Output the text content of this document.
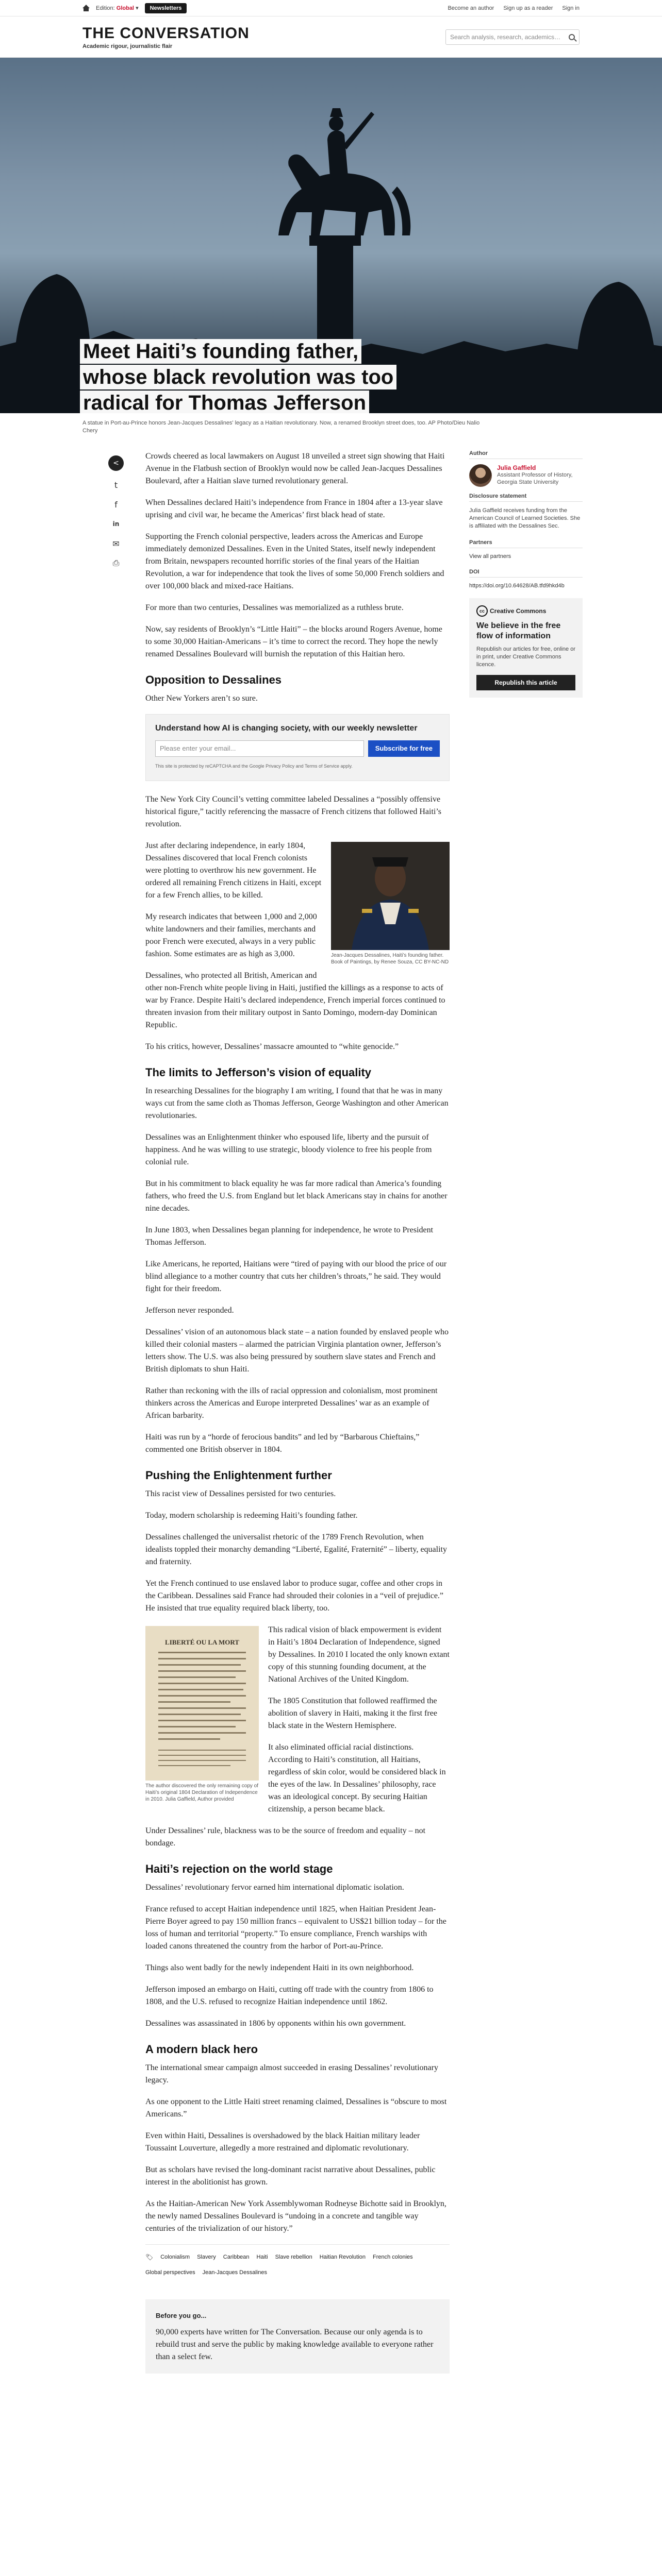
Edition: Global ▾	Newsletters	Become an author Sign up as a reader Sign in
THE CONVERSATION
Academic rigour, journalistic flair
Search analysis, research, academics…
Meet Haiti’s founding father, whose black revolution was too radical for Thomas Jefferson
A statue in Port-au-Prince honors Jean-Jacques Dessalines' legacy as a Haitian revolutionary. Now, a renamed Brooklyn street does, too. AP Photo/Dieu Nalio Chery
<
t
f
in
✉
⎙

Crowds cheered as local lawmakers on August 18 unveiled a street sign showing that Haiti Avenue in the Flatbush section of Brooklyn would now be called Jean-Jacques Dessalines Boulevard, after a Haitian slave turned revolutionary general.

When Dessalines declared Haiti’s independence from France in 1804 after a 13-year slave uprising and civil war, he became the Americas’ first black head of state.

Supporting the French colonial perspective, leaders across the Americas and Europe immediately demonized Dessalines. Even in the United States, itself newly independent from Britain, newspapers recounted horrific stories of the final years of the Haitian Revolution, a war for independence that took the lives of some 50,000 French soldiers and over 100,000 black and mixed-race Haitians.

For more than two centuries, Dessalines was memorialized as a ruthless brute.

Now, say residents of Brooklyn’s “Little Haiti” – the blocks around Rogers Avenue, home to some 30,000 Haitian-Americans – it’s time to correct the record. They hope the newly renamed Dessalines Boulevard will burnish the reputation of this Haitian hero.

Opposition to Dessalines

Other New Yorkers aren’t so sure.

Understand how AI is changing society, with our weekly newsletter
Please enter your email...	Subscribe for free
This site is protected by reCAPTCHA and the Google Privacy Policy and Terms of Service apply.

The New York City Council’s vetting committee labeled Dessalines a “possibly offensive historical figure,” tacitly referencing the massacre of French citizens that followed Haiti’s revolution.

Jean-Jacques Dessalines, Haiti’s founding father. Book of Paintings, by Renee Souza, CC BY-NC-ND

Just after declaring independence, in early 1804, Dessalines discovered that local French colonists were plotting to overthrow his new government. He ordered all remaining French citizens in Haiti, except for a few French allies, to be killed.

My research indicates that between 1,000 and 2,000 white landowners and their families, merchants and poor French were executed, always in a very public fashion. Some estimates are as high as 3,000.

Dessalines, who protected all British, American and other non-French white people living in Haiti, justified the killings as a response to acts of war by France. Despite Haiti’s declared independence, French imperial forces continued to threaten invasion from their military outpost in Santo Domingo, modern-day Dominican Republic.

To his critics, however, Dessalines’ massacre amounted to “white genocide.”

The limits to Jefferson’s vision of equality

In researching Dessalines for the biography I am writing, I found that that he was in many ways cut from the same cloth as Thomas Jefferson, George Washington and other American revolutionaries.

Dessalines was an Enlightenment thinker who espoused life, liberty and the pursuit of happiness. And he was willing to use strategic, bloody violence to free his people from colonial rule.

But in his commitment to black equality he was far more radical than America’s founding fathers, who freed the U.S. from England but let black Americans stay in chains for another nine decades.

In June 1803, when Dessalines began planning for independence, he wrote to President Thomas Jefferson.

Like Americans, he reported, Haitians were “tired of paying with our blood the price of our blind allegiance to a mother country that cuts her children’s throats,” he said. They would fight for their freedom.

Jefferson never responded.

Dessalines’ vision of an autonomous black state – a nation founded by enslaved people who killed their colonial masters – alarmed the patrician Virginia plantation owner, Jefferson’s letters show. The U.S. was also being pressured by southern slave states and French and British diplomats to shun Haiti.

Rather than reckoning with the ills of racial oppression and colonialism, most prominent thinkers across the Americas and Europe interpreted Dessalines’ war as an example of African barbarity.

Haiti was run by a “horde of ferocious bandits” and led by “Barbarous Chieftains,” commented one British observer in 1804.

Pushing the Enlightenment further

This racist view of Dessalines persisted for two centuries.

Today, modern scholarship is redeeming Haiti’s founding father.

Dessalines challenged the universalist rhetoric of the 1789 French Revolution, when idealists toppled their monarchy demanding “Liberté, Egalité, Fraternité” – liberty, equality and fraternity.

Yet the French continued to use enslaved labor to produce sugar, coffee and other crops in the Caribbean. Dessalines said France had shrouded their colonies in a “veil of prejudice.” He insisted that true equality required black liberty, too.

LIBERTÉ OU LA MORT
The author discovered the only remaining copy of Haiti’s original 1804 Declaration of Independence in 2010. Julia Gaffield, Author provided

This radical vision of black empowerment is evident in Haiti’s 1804 Declaration of Independence, signed by Dessalines. In 2010 I located the only known extant copy of this stunning founding document, at the National Archives of the United Kingdom.

The 1805 Constitution that followed reaffirmed the abolition of slavery in Haiti, making it the first free black state in the Western Hemisphere.

It also eliminated official racial distinctions. According to Haiti’s constitution, all Haitians, regardless of skin color, would be considered black in the eyes of the law. In Dessalines’ philosophy, race was an ideological concept. By securing Haitian citizenship, a person became black.

Under Dessalines’ rule, blackness was to be the source of freedom and equality – not bondage.

Haiti’s rejection on the world stage

Dessalines’ revolutionary fervor earned him international diplomatic isolation.

France refused to accept Haitian independence until 1825, when Haitian President Jean-Pierre Boyer agreed to pay 150 million francs – equivalent to US$21 billion today – for the loss of human and territorial “property.” To ensure compliance, French warships with loaded canons threatened the country from the harbor of Port-au-Prince.

Things also went badly for the newly independent Haiti in its own neighborhood.

Jefferson imposed an embargo on Haiti, cutting off trade with the country from 1806 to 1808, and the U.S. refused to recognize Haitian independence until 1862.

Dessalines was assassinated in 1806 by opponents within his own government.

A modern black hero

The international smear campaign almost succeeded in erasing Dessalines’ revolutionary legacy.

As one opponent to the Little Haiti street renaming claimed, Dessalines is “obscure to most Americans.”

Even within Haiti, Dessalines is overshadowed by the black Haitian military leader Toussaint Louverture, allegedly a more restrained and diplomatic revolutionary.

But as scholars have revised the long-dominant racist narrative about Dessalines, public interest in the abolitionist has grown.

As the Haitian-American New York Assemblywoman Rodneyse Bichotte said in Brooklyn, the newly named Dessalines Boulevard is “undoing in a concrete and tangible way centuries of the trivialization of our history.”

🏷 Colonialism Slavery Caribbean Haiti Slave rebellion Haitian Revolution French colonies
Global perspectives Jean-Jacques Dessalines
Before you go...

90,000 experts have written for The Conversation. Because our only agenda is to rebuild trust and serve the public by making knowledge available to everyone rather than a select few.

Author
Julia Gaffield
Assistant Professor of History, Georgia State University
Disclosure statement
Julia Gaffield receives funding from the American Council of Learned Societies. She is affiliated with the Dessalines Sec.
Partners
View all partners
DOI
https://doi.org/10.64628/AB.tfd9hkd4b
cc Creative Commons
We believe in the free flow of information
Republish our articles for free, online or in print, under Creative Commons licence.
Republish this article
